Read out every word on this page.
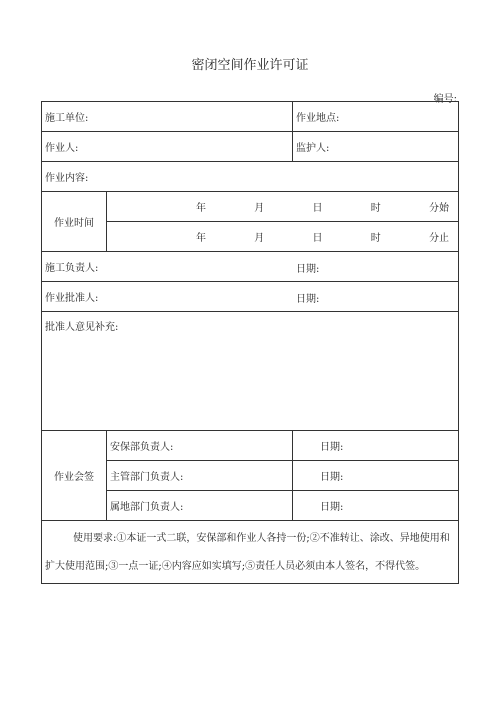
密闭空间作业许可证
编号:
施工单位:		作业地点:
作业人:		监护人:
作业内容:		
作业时间	年 月 日 时 分始	

	年 月 日 时 分止	

施工负责人: 日期:		

作业批准人: 日期:		

批准人意见补充:		
作业会签	安保部负责人:	日期:
	主管部门负责人:	日期:
	属地部门负责人:	日期:
使用要求:①本证一式二联，安保部和作业人各持一份;②不准转让、涂改、异地使用和扩大使用范围;③一点一证;④内容应如实填写;⑤责任人员必须由本人签名，不得代签。		
